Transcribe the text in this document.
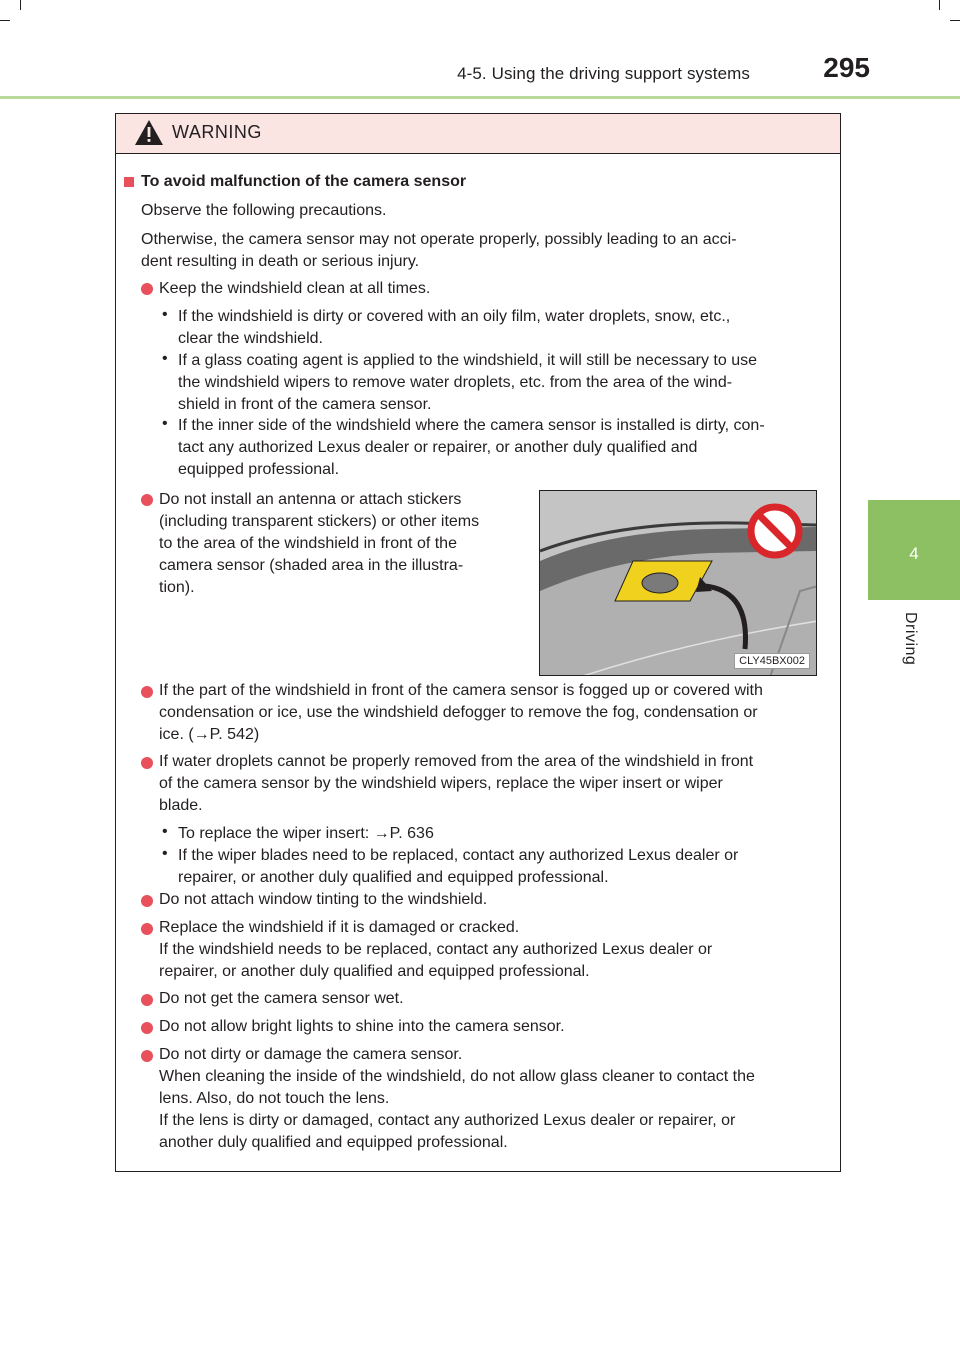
4-5. Using the driving support systems	295
4
Driving
WARNING
To avoid malfunction of the camera sensor
Observe the following precautions.
Otherwise, the camera sensor may not operate properly, possibly leading to an acci-
dent resulting in death or serious injury.
Keep the windshield clean at all times.
• If the windshield is dirty or covered with an oily film, water droplets, snow, etc.,
clear the windshield.
• If a glass coating agent is applied to the windshield, it will still be necessary to use
the windshield wipers to remove water droplets, etc. from the area of the wind-
shield in front of the camera sensor.
• If the inner side of the windshield where the camera sensor is installed is dirty, con-
tact any authorized Lexus dealer or repairer, or another duly qualified and
equipped professional.
Do not install an antenna or attach stickers
(including transparent stickers) or other items
to the area of the windshield in front of the
camera sensor (shaded area in the illustra-
tion).
CLY45BX002
If the part of the windshield in front of the camera sensor is fogged up or covered with
condensation or ice, use the windshield defogger to remove the fog, condensation or
ice. (→P. 542)
If water droplets cannot be properly removed from the area of the windshield in front
of the camera sensor by the windshield wipers, replace the wiper insert or wiper
blade.
• To replace the wiper insert: →P. 636
• If the wiper blades need to be replaced, contact any authorized Lexus dealer or
repairer, or another duly qualified and equipped professional.
Do not attach window tinting to the windshield.
Replace the windshield if it is damaged or cracked.
If the windshield needs to be replaced, contact any authorized Lexus dealer or
repairer, or another duly qualified and equipped professional.
Do not get the camera sensor wet.
Do not allow bright lights to shine into the camera sensor.
Do not dirty or damage the camera sensor.
When cleaning the inside of the windshield, do not allow glass cleaner to contact the
lens. Also, do not touch the lens.
If the lens is dirty or damaged, contact any authorized Lexus dealer or repairer, or
another duly qualified and equipped professional.
